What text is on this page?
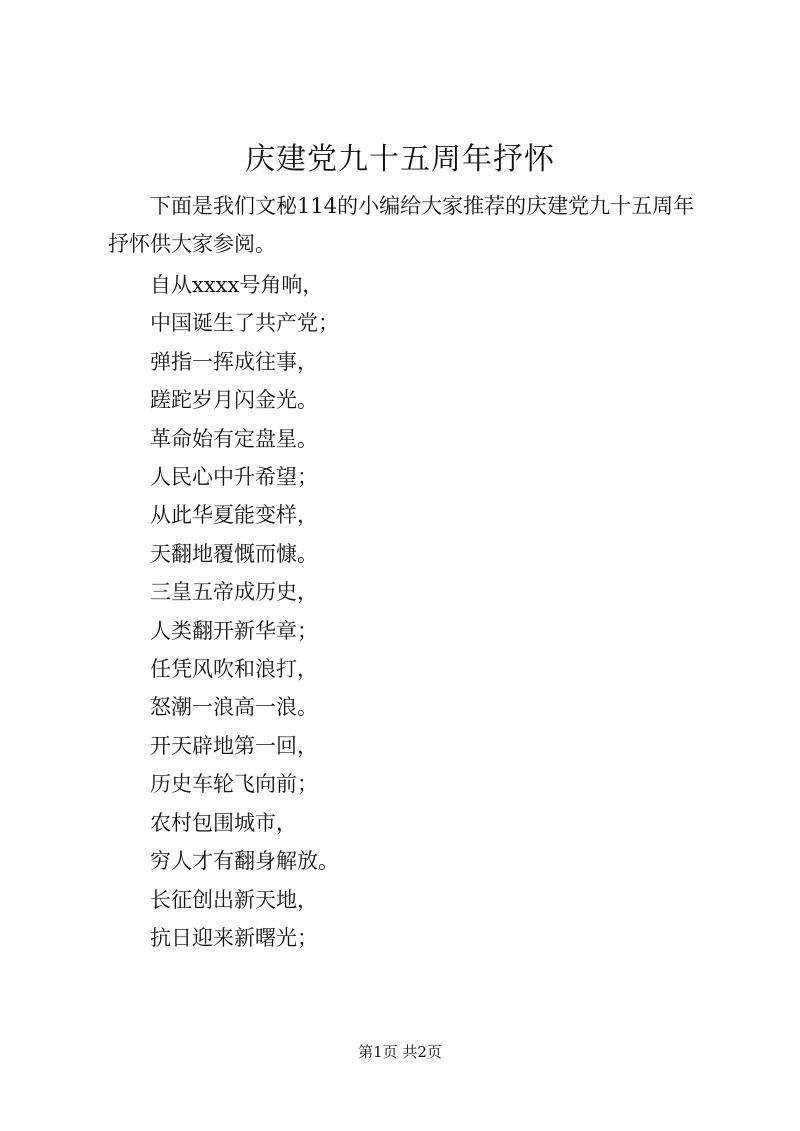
庆建党九十五周年抒怀

下面是我们文秘114的小编给大家推荐的庆建党九十五周年抒怀供大家参阅。

自从xxxx号角响，
中国诞生了共产党；
弹指一挥成往事，
蹉跎岁月闪金光。
革命始有定盘星。
人民心中升希望；
从此华夏能变样，
天翻地覆慨而慷。
三皇五帝成历史，
人类翻开新华章；
任凭风吹和浪打，
怒潮一浪高一浪。
开天辟地第一回，
历史车轮飞向前；
农村包围城市，
穷人才有翻身解放。
长征创出新天地，
抗日迎来新曙光；
第1页 共2页
